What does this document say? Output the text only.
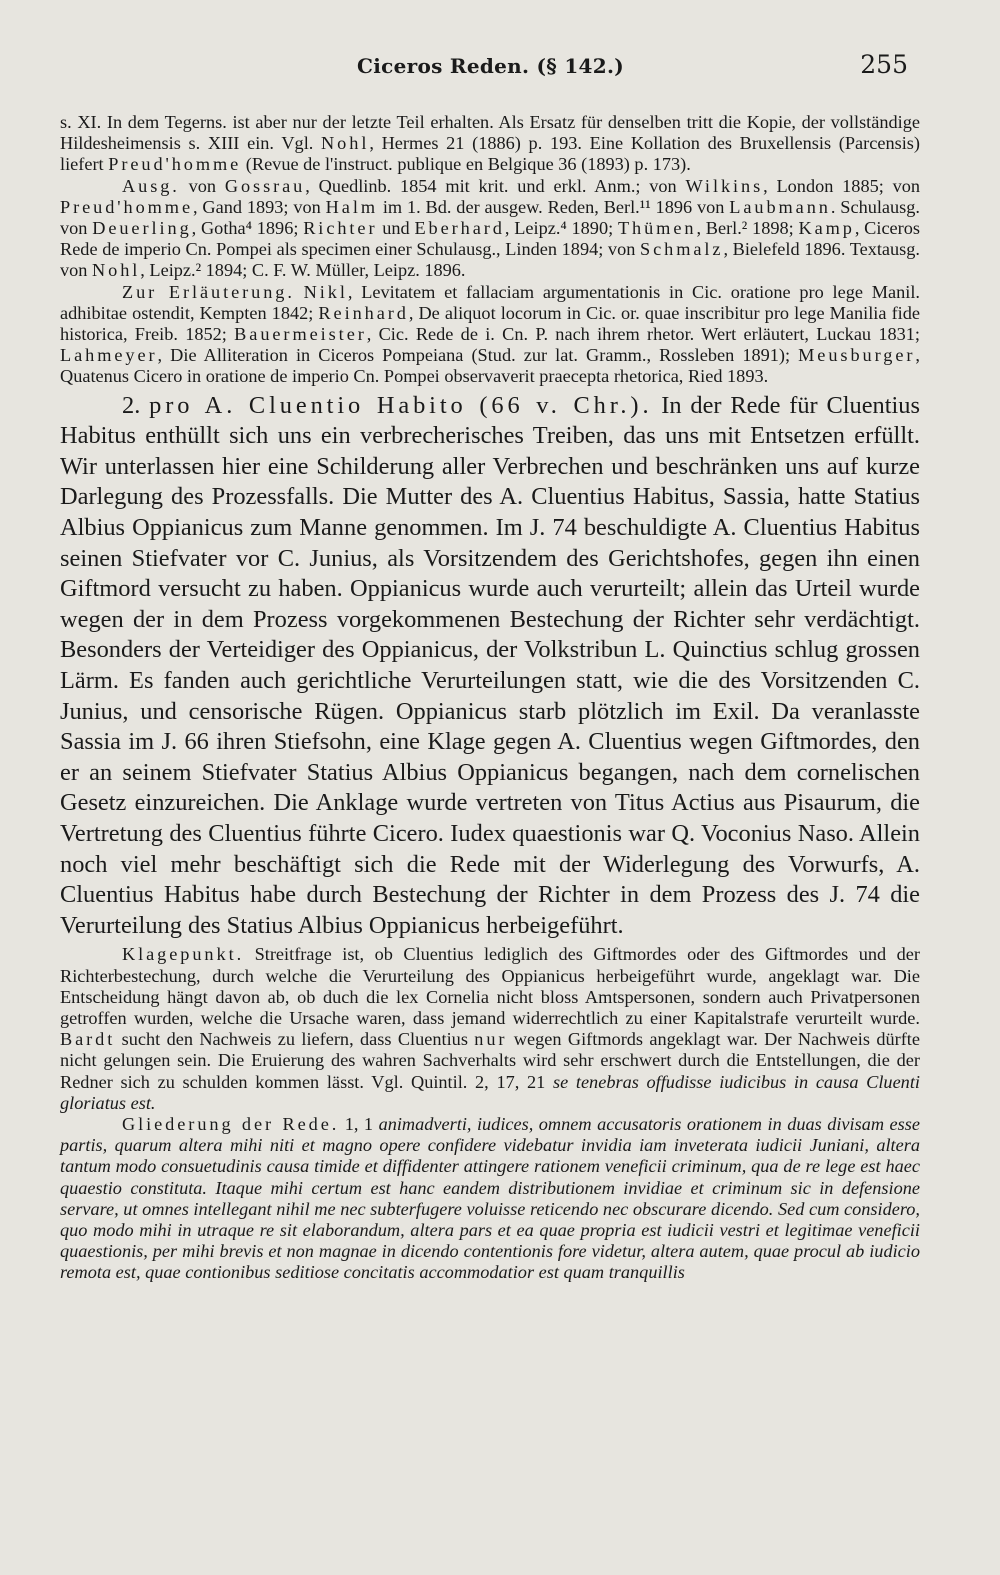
Ciceros Reden. (§ 142.)	255

s. XI. In dem Tegerns. ist aber nur der letzte Teil erhalten. Als Ersatz für denselben tritt die Kopie, der vollständige Hildesheimensis s. XIII ein. Vgl. Nohl, Hermes 21 (1886) p. 193. Eine Kollation des Bruxellensis (Parcensis) liefert Preud'homme (Revue de l'instruct. publique en Belgique 36 (1893) p. 173).

Ausg. von Gossrau, Quedlinb. 1854 mit krit. und erkl. Anm.; von Wilkins, London 1885; von Preud'homme, Gand 1893; von Halm im 1. Bd. der ausgew. Reden, Berl.¹¹ 1896 von Laubmann. Schulausg. von Deuerling, Gotha⁴ 1896; Richter und Eberhard, Leipz.⁴ 1890; Thümen, Berl.² 1898; Kamp, Ciceros Rede de imperio Cn. Pompei als specimen einer Schulausg., Linden 1894; von Schmalz, Bielefeld 1896. Textausg. von Nohl, Leipz.² 1894; C. F. W. Müller, Leipz. 1896.

Zur Erläuterung. Nikl, Levitatem et fallaciam argumentationis in Cic. oratione pro lege Manil. adhibitae ostendit, Kempten 1842; Reinhard, De aliquot locorum in Cic. or. quae inscribitur pro lege Manilia fide historica, Freib. 1852; Bauermeister, Cic. Rede de i. Cn. P. nach ihrem rhetor. Wert erläutert, Luckau 1831; Lahmeyer, Die Alliteration in Ciceros Pompeiana (Stud. zur lat. Gramm., Rossleben 1891); Meusburger, Quatenus Cicero in oratione de imperio Cn. Pompei observaverit praecepta rhetorica, Ried 1893.

2. pro A. Cluentio Habito (66 v. Chr.). In der Rede für Cluentius Habitus enthüllt sich uns ein verbrecherisches Treiben, das uns mit Entsetzen erfüllt. Wir unterlassen hier eine Schilderung aller Verbrechen und beschränken uns auf kurze Darlegung des Prozessfalls. Die Mutter des A. Cluentius Habitus, Sassia, hatte Statius Albius Oppianicus zum Manne genommen. Im J. 74 beschuldigte A. Cluentius Habitus seinen Stiefvater vor C. Junius, als Vorsitzendem des Gerichtshofes, gegen ihn einen Giftmord versucht zu haben. Oppianicus wurde auch verurteilt; allein das Urteil wurde wegen der in dem Prozess vorgekommenen Bestechung der Richter sehr verdächtigt. Besonders der Verteidiger des Oppianicus, der Volkstribun L. Quinctius schlug grossen Lärm. Es fanden auch gerichtliche Verurteilungen statt, wie die des Vorsitzenden C. Junius, und censorische Rügen. Oppianicus starb plötzlich im Exil. Da veranlasste Sassia im J. 66 ihren Stiefsohn, eine Klage gegen A. Cluentius wegen Giftmordes, den er an seinem Stiefvater Statius Albius Oppianicus begangen, nach dem cornelischen Gesetz einzureichen. Die Anklage wurde vertreten von Titus Actius aus Pisaurum, die Vertretung des Cluentius führte Cicero. Iudex quaestionis war Q. Voconius Naso. Allein noch viel mehr beschäftigt sich die Rede mit der Widerlegung des Vorwurfs, A. Cluentius Habitus habe durch Bestechung der Richter in dem Prozess des J. 74 die Verurteilung des Statius Albius Oppianicus herbeigeführt.

Klagepunkt. Streitfrage ist, ob Cluentius lediglich des Giftmordes oder des Giftmordes und der Richterbestechung, durch welche die Verurteilung des Oppianicus herbeigeführt wurde, angeklagt war. Die Entscheidung hängt davon ab, ob duch die lex Cornelia nicht bloss Amtspersonen, sondern auch Privatpersonen getroffen wurden, welche die Ursache waren, dass jemand widerrechtlich zu einer Kapitalstrafe verurteilt wurde. Bardt sucht den Nachweis zu liefern, dass Cluentius nur wegen Giftmords angeklagt war. Der Nachweis dürfte nicht gelungen sein. Die Eruierung des wahren Sachverhalts wird sehr erschwert durch die Entstellungen, die der Redner sich zu schulden kommen lässt. Vgl. Quintil. 2, 17, 21 se tenebras offudisse iudicibus in causa Cluenti gloriatus est.

Gliederung der Rede. 1, 1 animadverti, iudices, omnem accusatoris orationem in duas divisam esse partis, quarum altera mihi niti et magno opere confidere videbatur invidia iam inveterata iudicii Juniani, altera tantum modo consuetudinis causa timide et diffidenter attingere rationem veneficii criminum, qua de re lege est haec quaestio constituta. Itaque mihi certum est hanc eandem distributionem invidiae et criminum sic in defensione servare, ut omnes intellegant nihil me nec subterfugere voluisse reticendo nec obscurare dicendo. Sed cum considero, quo modo mihi in utraque re sit elaborandum, altera pars et ea quae propria est iudicii vestri et legitimae veneficii quaestionis, per mihi brevis et non magnae in dicendo contentionis fore videtur, altera autem, quae procul ab iudicio remota est, quae contionibus seditiose concitatis accommodatior est quam tranquillis
